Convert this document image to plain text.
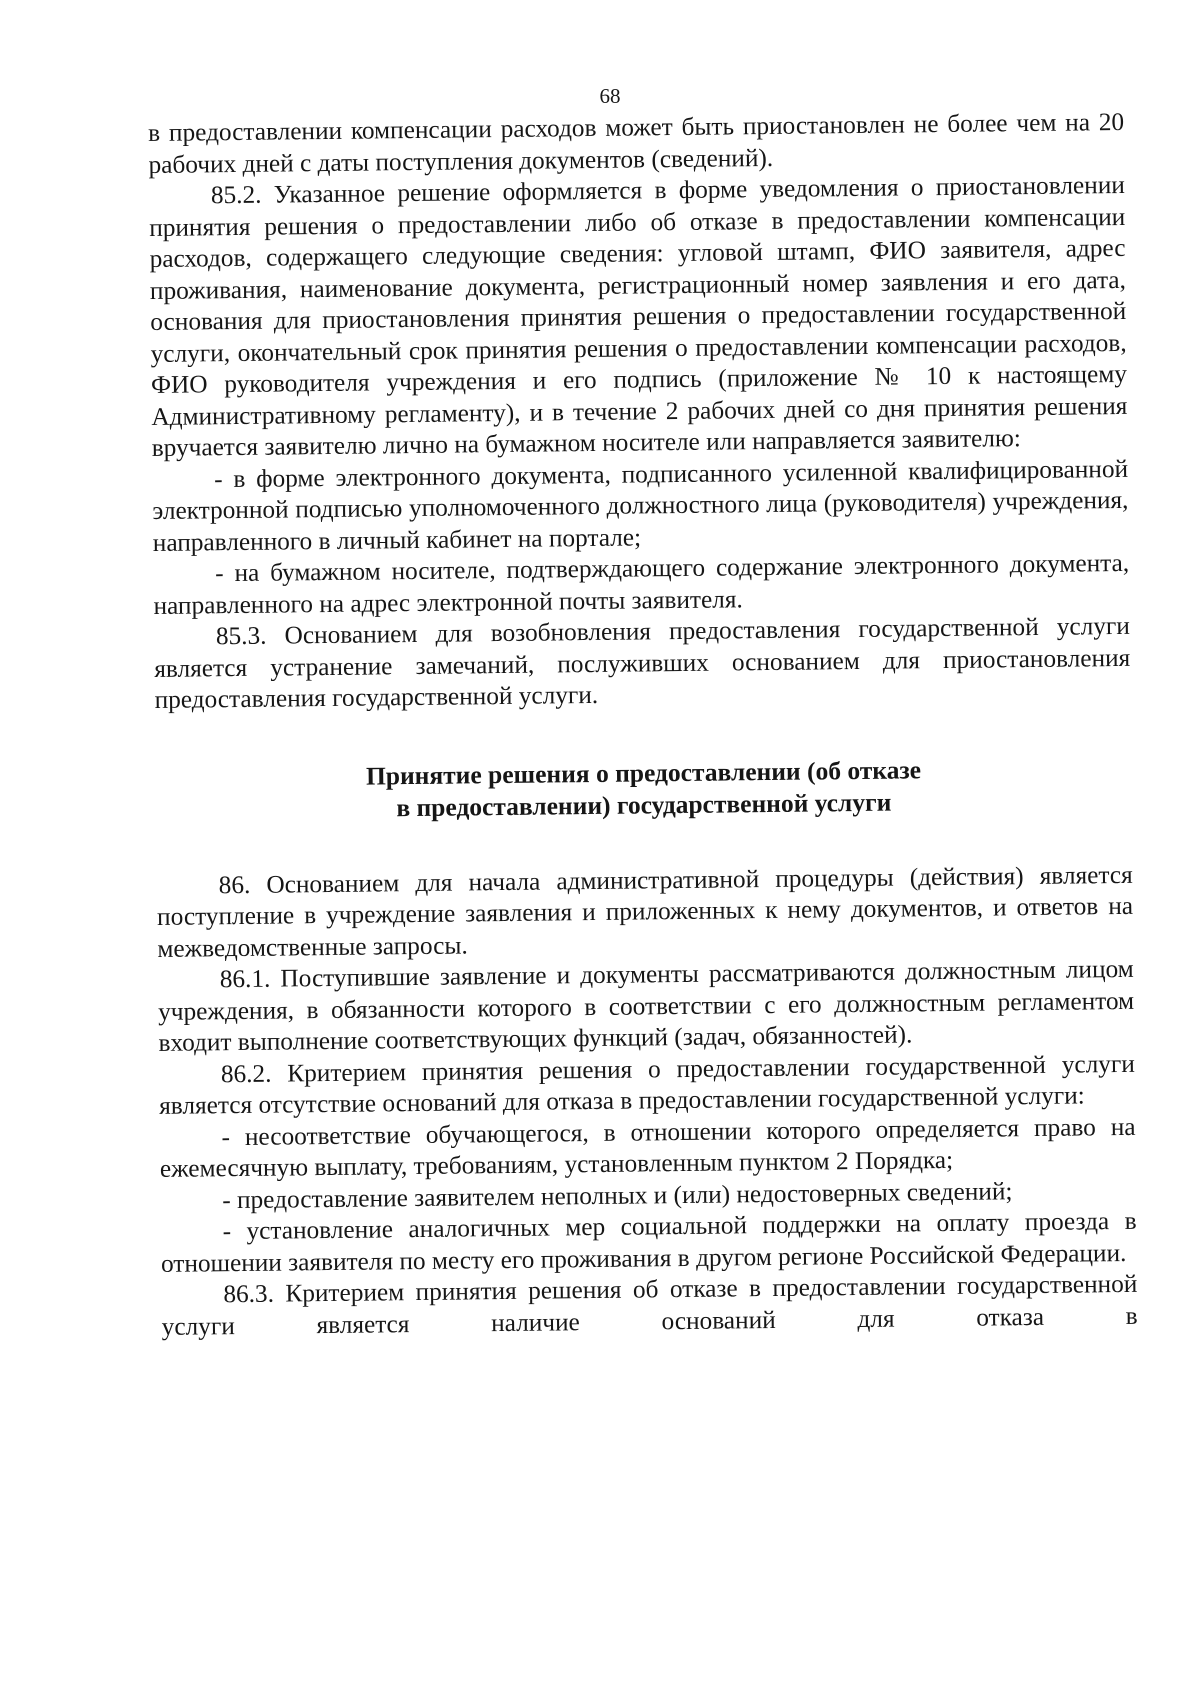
68

в предоставлении компенсации расходов может быть приостановлен не более чем на 20 рабочих дней с даты поступления документов (сведений).

85.2. Указанное решение оформляется в форме уведомления о приостановлении принятия решения о предоставлении либо об отказе в предоставлении компенсации расходов, содержащего следующие сведения: угловой штамп, ФИО заявителя, адрес проживания, наименование документа, регистрационный номер заявления и его дата, основания для приостановления принятия решения о предоставлении государственной услуги, окончательный срок принятия решения о предоставлении компенсации расходов, ФИО руководителя учреждения и его подпись (приложение № 10 к настоящему Административному регламенту), и в течение 2 рабочих дней со дня принятия решения вручается заявителю лично на бумажном носителе или направляется заявителю:

- в форме электронного документа, подписанного усиленной квалифицированной электронной подписью уполномоченного должностного лица (руководителя) учреждения, направленного в личный кабинет на портале;

- на бумажном носителе, подтверждающего содержание электронного документа, направленного на адрес электронной почты заявителя.

85.3. Основанием для возобновления предоставления государственной услуги является устранение замечаний, послуживших основанием для приостановления предоставления государственной услуги.

Принятие решения о предоставлении (об отказе
в предоставлении) государственной услуги

86. Основанием для начала административной процедуры (действия) является поступление в учреждение заявления и приложенных к нему документов, и ответов на межведомственные запросы.

86.1. Поступившие заявление и документы рассматриваются должностным лицом учреждения, в обязанности которого в соответствии с его должностным регламентом входит выполнение соответствующих функций (задач, обязанностей).

86.2. Критерием принятия решения о предоставлении государственной услуги является отсутствие оснований для отказа в предоставлении государственной услуги:

- несоответствие обучающегося, в отношении которого определяется право на ежемесячную выплату, требованиям, установленным пунктом 2 Порядка;

- предоставление заявителем неполных и (или) недостоверных сведений;

- установление аналогичных мер социальной поддержки на оплату проезда в отношении заявителя по месту его проживания в другом регионе Российской Федерации.

86.3. Критерием принятия решения об отказе в предоставлении государственной услуги является наличие оснований для отказа в
